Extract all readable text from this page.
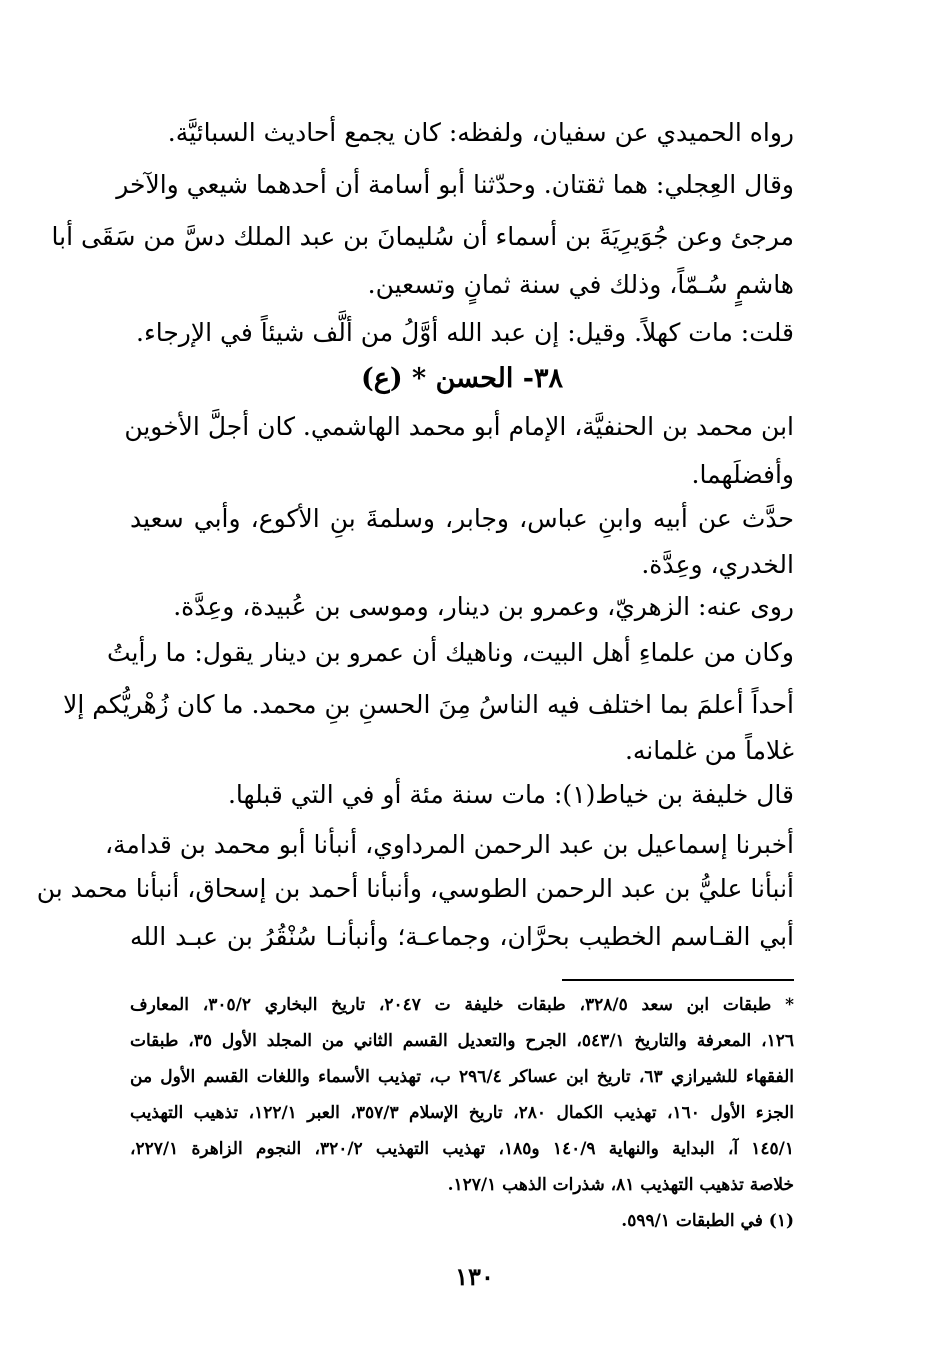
رواه الحميدي عن سفيان، ولفظه: كان يجمع أحاديث السبائيَّة.
وقال العِجلي: هما ثقتان. وحدّثنا أبو أسامة أن أحدهما شيعي والآخر
مرجئ وعن جُوَيرِيَةَ بن أسماء أن سُليمانَ بن عبد الملك دسَّ من سَقَى أبا
هاشمٍ سُـمّاً، وذلك في سنة ثمانٍ وتسعين.
قلت: مات كهلاً. وقيل: إن عبد الله أوَّلُ من ألَّف شيئاً في الإرجاء.
٣٨- الحسن * (ع)
ابن محمد بن الحنفيَّة، الإمام أبو محمد الهاشمي. كان أجلَّ الأخوين
وأفضلَهما.
حدَّث عن أبيه وابنِ عباس، وجابر، وسلمةَ بنِ الأكوع، وأبي سعيد
الخدري، وعِدَّة.
روى عنه: الزهريّ، وعمرو بن دينار، وموسى بن عُبيدة، وعِدَّة.
وكان من علماءِ أهل البيت، وناهيك أن عمرو بن دينار يقول: ما رأيتُ
أحداً أعلمَ بما اختلف فيه الناسُ مِنَ الحسنِ بنِ محمد. ما كان زُهْريُّكم إلا
غلاماً من غلمانه.
قال خليفة بن خياط(١): مات سنة مئة أو في التي قبلها.
أخبرنا إسماعيل بن عبد الرحمن المرداوي، أنبأنا أبو محمد بن قدامة،
أنبأنا عليُّ بن عبد الرحمن الطوسي، وأنبأنا أحمد بن إسحاق، أنبأنا محمد بن
أبي القـاسم الخطيب بحرَّان، وجماعـة؛ وأنبأنـا سُنْقُرُ بن عبـد الله
* طبقات ابن سعد ٣٢٨/٥، طبقات خليفة ت ٢٠٤٧، تاريخ البخاري ٣٠٥/٢، المعارف
١٢٦، المعرفة والتاريخ ٥٤٣/١، الجرح والتعديل القسم الثاني من المجلد الأول ٣٥، طبقات
الفقهاء للشيرازي ٦٣، تاريخ ابن عساكر ٢٩٦/٤ ب، تهذيب الأسماء واللغات القسم الأول من
الجزء الأول ١٦٠، تهذيب الكمال ٢٨٠، تاريخ الإسلام ٣٥٧/٣، العبر ١٢٢/١، تذهيب التهذيب
١٤٥/١ آ، البداية والنهاية ١٤٠/٩ و١٨٥، تهذيب التهذيب ٣٢٠/٢، النجوم الزاهرة ٢٢٧/١،
خلاصة تذهيب التهذيب ٨١، شذرات الذهب ١٢٧/١.
(١) في الطبقات ٥٩٩/١.
١٣٠
